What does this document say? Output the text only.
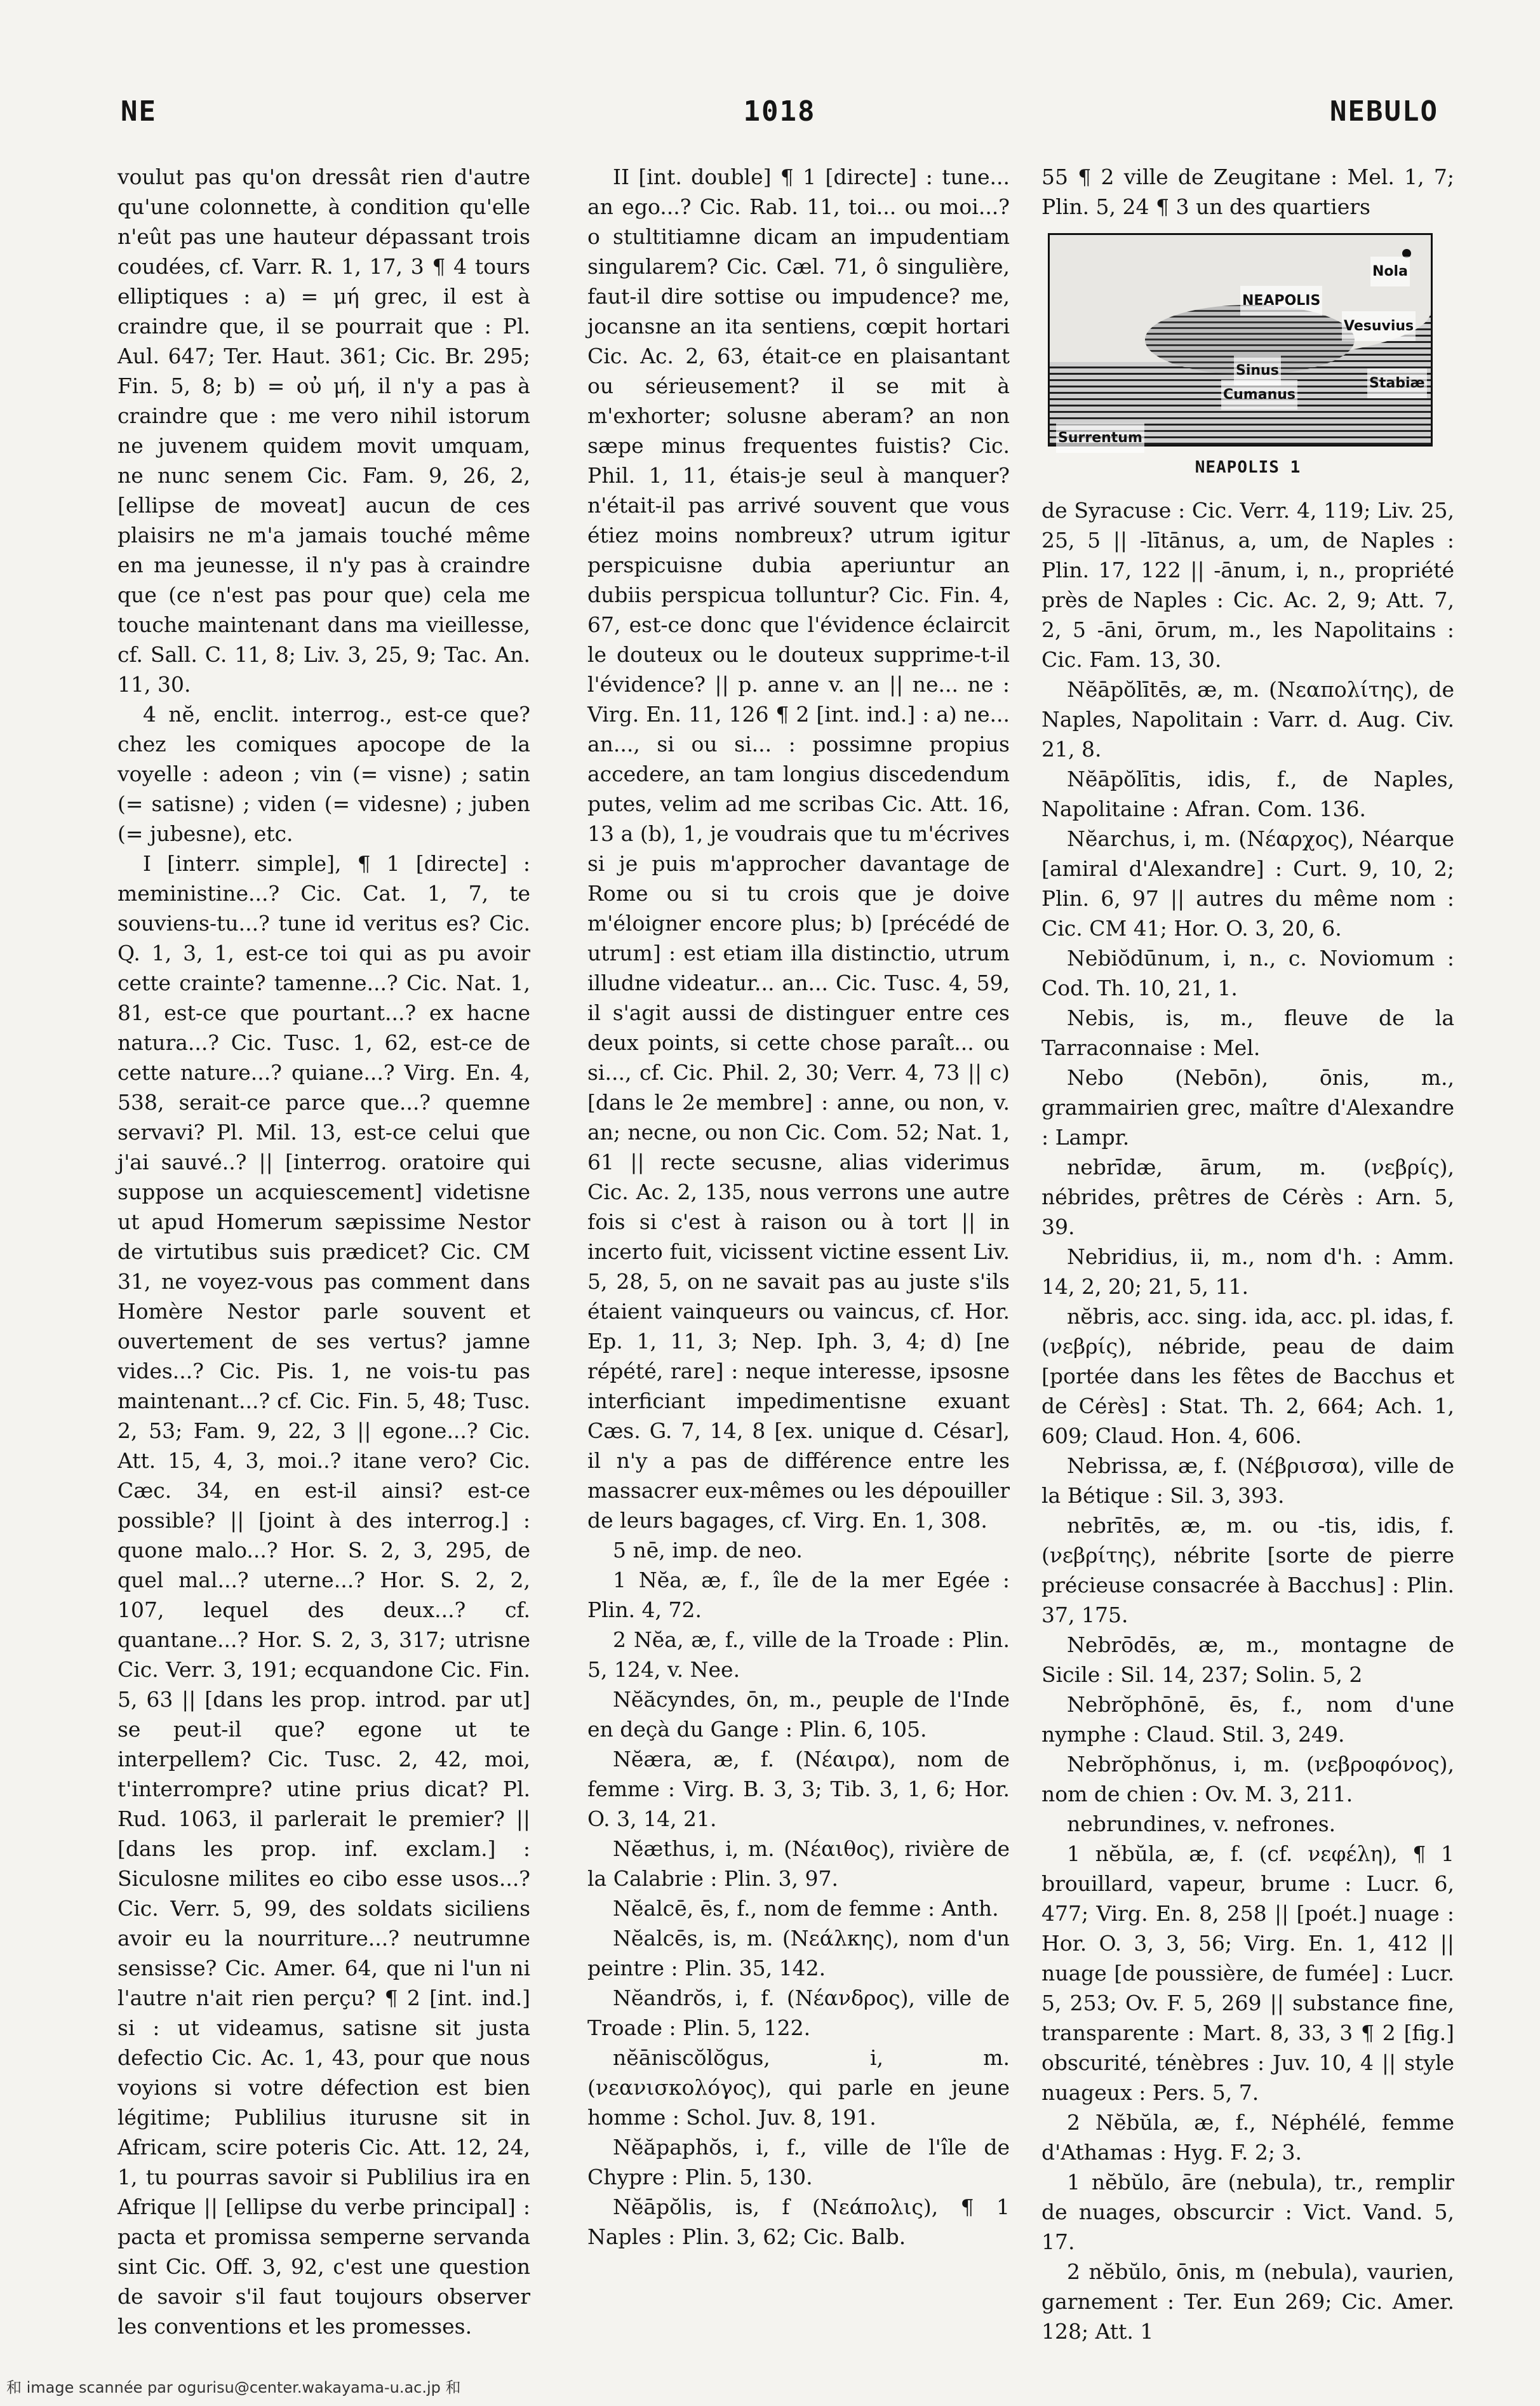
NE	1018	NEBULO

voulut pas qu'on dressât rien d'autre qu'une colonnette, à condition qu'elle n'eût pas une hauteur dépassant trois coudées, cf. Varr. R. 1, 17, 3 ¶ 4 tours elliptiques : a) = μή grec, il est à craindre que, il se pourrait que : Pl. Aul. 647; Ter. Haut. 361; Cic. Br. 295; Fin. 5, 8; b) = οὐ μή, il n'y a pas à craindre que : me vero nihil istorum ne juvenem quidem movit umquam, ne nunc senem Cic. Fam. 9, 26, 2, [ellipse de moveat] aucun de ces plaisirs ne m'a jamais touché même en ma jeunesse, il n'y pas à craindre que (ce n'est pas pour que) cela me touche maintenant dans ma vieillesse, cf. Sall. C. 11, 8; Liv. 3, 25, 9; Tac. An. 11, 30.

4 nĕ, enclit. interrog., est-ce que? chez les comiques apocope de la voyelle : adeon ; vin (= visne) ; satin (= satisne) ; viden (= videsne) ; juben (= jubesne), etc.

I [interr. simple], ¶ 1 [directe] : meministine...? Cic. Cat. 1, 7, te souviens-tu...? tune id veritus es? Cic. Q. 1, 3, 1, est-ce toi qui as pu avoir cette crainte? tamenne...? Cic. Nat. 1, 81, est-ce que pourtant...? ex hacne natura...? Cic. Tusc. 1, 62, est-ce de cette nature...? quiane...? Virg. En. 4, 538, serait-ce parce que...? quemne servavi? Pl. Mil. 13, est-ce celui que j'ai sauvé..? || [interrog. oratoire qui suppose un acquiescement] videtisne ut apud Homerum sæpissime Nestor de virtutibus suis prædicet? Cic. CM 31, ne voyez-vous pas comment dans Homère Nestor parle souvent et ouvertement de ses vertus? jamne vides...? Cic. Pis. 1, ne vois-tu pas maintenant...? cf. Cic. Fin. 5, 48; Tusc. 2, 53; Fam. 9, 22, 3 || egone...? Cic. Att. 15, 4, 3, moi..? itane vero? Cic. Cæc. 34, en est-il ainsi? est-ce possible? || [joint à des interrog.] : quone malo...? Hor. S. 2, 3, 295, de quel mal...? uterne...? Hor. S. 2, 2, 107, lequel des deux...? cf. quantane...? Hor. S. 2, 3, 317; utrisne Cic. Verr. 3, 191; ecquandone Cic. Fin. 5, 63 || [dans les prop. introd. par ut] se peut-il que? egone ut te interpellem? Cic. Tusc. 2, 42, moi, t'interrompre? utine prius dicat? Pl. Rud. 1063, il parlerait le premier? || [dans les prop. inf. exclam.] : Siculosne milites eo cibo esse usos...? Cic. Verr. 5, 99, des soldats siciliens avoir eu la nourriture...? neutrumne sensisse? Cic. Amer. 64, que ni l'un ni l'autre n'ait rien perçu? ¶ 2 [int. ind.] si : ut videamus, satisne sit justa defectio Cic. Ac. 1, 43, pour que nous voyions si votre défection est bien légitime; Publilius iturusne sit in Africam, scire poteris Cic. Att. 12, 24, 1, tu pourras savoir si Publilius ira en Afrique || [ellipse du verbe principal] : pacta et promissa semperne servanda sint Cic. Off. 3, 92, c'est une question de savoir s'il faut toujours observer les conventions et les promesses.

II [int. double] ¶ 1 [directe] : tune... an ego...? Cic. Rab. 11, toi... ou moi...? o stultitiamne dicam an impudentiam singularem? Cic. Cæl. 71, ô singulière, faut-il dire sottise ou impudence? me, jocansne an ita sentiens, cœpit hortari Cic. Ac. 2, 63, était-ce en plaisantant ou sérieusement? il se mit à m'exhorter; solusne aberam? an non sæpe minus frequentes fuistis? Cic. Phil. 1, 11, étais-je seul à manquer? n'était-il pas arrivé souvent que vous étiez moins nombreux? utrum igitur perspicuisne dubia aperiuntur an dubiis perspicua tolluntur? Cic. Fin. 4, 67, est-ce donc que l'évidence éclaircit le douteux ou le douteux supprime-t-il l'évidence? || p. anne v. an || ne... ne : Virg. En. 11, 126 ¶ 2 [int. ind.] : a) ne... an..., si ou si... : possimne propius accedere, an tam longius discedendum putes, velim ad me scribas Cic. Att. 16, 13 a (b), 1, je voudrais que tu m'écrives si je puis m'approcher davantage de Rome ou si tu crois que je doive m'éloigner encore plus; b) [précédé de utrum] : est etiam illa distinctio, utrum illudne videatur... an... Cic. Tusc. 4, 59, il s'agit aussi de distinguer entre ces deux points, si cette chose paraît... ou si..., cf. Cic. Phil. 2, 30; Verr. 4, 73 || c) [dans le 2e membre] : anne, ou non, v. an; necne, ou non Cic. Com. 52; Nat. 1, 61 || recte secusne, alias viderimus Cic. Ac. 2, 135, nous verrons une autre fois si c'est à raison ou à tort || in incerto fuit, vicissent victine essent Liv. 5, 28, 5, on ne savait pas au juste s'ils étaient vainqueurs ou vaincus, cf. Hor. Ep. 1, 11, 3; Nep. Iph. 3, 4; d) [ne répété, rare] : neque interesse, ipsosne interficiant impedimentisne exuant Cæs. G. 7, 14, 8 [ex. unique d. César], il n'y a pas de différence entre les massacrer eux-mêmes ou les dépouiller de leurs bagages, cf. Virg. En. 1, 308.

5 nē, imp. de neo.

1 Nĕa, æ, f., île de la mer Egée : Plin. 4, 72.

2 Nĕa, æ, f., ville de la Troade : Plin. 5, 124, v. Nee.

Nĕăcyndes, ōn, m., peuple de l'Inde en deçà du Gange : Plin. 6, 105.

Nĕæra, æ, f. (Νέαιρα), nom de femme : Virg. B. 3, 3; Tib. 3, 1, 6; Hor. O. 3, 14, 21.

Nĕæthus, i, m. (Νέαιθος), rivière de la Calabrie : Plin. 3, 97.

Nĕalcē, ēs, f., nom de femme : Anth.

Nĕalcēs, is, m. (Νεάλκης), nom d'un peintre : Plin. 35, 142.

Nĕandrŏs, i, f. (Νέανδρος), ville de Troade : Plin. 5, 122.

nĕāniscŏlŏgus, i, m. (νεανισκολόγος), qui parle en jeune homme : Schol. Juv. 8, 191.

Nĕăpaphŏs, i, f., ville de l'île de Chypre : Plin. 5, 130.

Nĕāpŏlis, is, f (Νεάπολις), ¶ 1 Naples : Plin. 3, 62; Cic. Balb.

55 ¶ 2 ville de Zeugitane : Mel. 1, 7; Plin. 5, 24 ¶ 3 un des quartiers

Nola
NEAPOLIS
Vesuvius
Sinus
Cumanus
Stabiæ
Surrentum
NEAPOLIS 1

de Syracuse : Cic. Verr. 4, 119; Liv. 25, 25, 5 || -lītānus, a, um, de Naples : Plin. 17, 122 || -ānum, i, n., propriété près de Naples : Cic. Ac. 2, 9; Att. 7, 2, 5 -āni, ōrum, m., les Napolitains : Cic. Fam. 13, 30.

Nĕāpŏlītēs, æ, m. (Νεαπολίτης), de Naples, Napolitain : Varr. d. Aug. Civ. 21, 8.

Nĕāpŏlītis, idis, f., de Naples, Napolitaine : Afran. Com. 136.

Nĕarchus, i, m. (Νέαρχος), Néarque [amiral d'Alexandre] : Curt. 9, 10, 2; Plin. 6, 97 || autres du même nom : Cic. CM 41; Hor. O. 3, 20, 6.

Nebiŏdūnum, i, n., c. Noviomum : Cod. Th. 10, 21, 1.

Nebis, is, m., fleuve de la Tarraconnaise : Mel.

Nebo (Nebōn), ōnis, m., grammairien grec, maître d'Alexandre : Lampr.

nebrīdæ, ārum, m. (νεβρίς), nébrides, prêtres de Cérès : Arn. 5, 39.

Nebridius, ii, m., nom d'h. : Amm. 14, 2, 20; 21, 5, 11.

nĕbris, acc. sing. ida, acc. pl. idas, f. (νεβρίς), nébride, peau de daim [portée dans les fêtes de Bacchus et de Cérès] : Stat. Th. 2, 664; Ach. 1, 609; Claud. Hon. 4, 606.

Nebrissa, æ, f. (Νέβρισσα), ville de la Bétique : Sil. 3, 393.

nebrītēs, æ, m. ou -tis, idis, f. (νεβρίτης), nébrite [sorte de pierre précieuse consacrée à Bacchus] : Plin. 37, 175.

Nebrōdēs, æ, m., montagne de Sicile : Sil. 14, 237; Solin. 5, 2

Nebrŏphōnē, ēs, f., nom d'une nymphe : Claud. Stil. 3, 249.

Nebrŏphŏnus, i, m. (νεβροφόνος), nom de chien : Ov. M. 3, 211.

nebrundines, v. nefrones.

1 nĕbŭla, æ, f. (cf. νεφέλη), ¶ 1 brouillard, vapeur, brume : Lucr. 6, 477; Virg. En. 8, 258 || [poét.] nuage : Hor. O. 3, 3, 56; Virg. En. 1, 412 || nuage [de poussière, de fumée] : Lucr. 5, 253; Ov. F. 5, 269 || substance fine, transparente : Mart. 8, 33, 3 ¶ 2 [fig.] obscurité, ténèbres : Juv. 10, 4 || style nuageux : Pers. 5, 7.

2 Nĕbŭla, æ, f., Néphélé, femme d'Athamas : Hyg. F. 2; 3.

1 nĕbŭlo, āre (nebula), tr., remplir de nuages, obscurcir : Vict. Vand. 5, 17.

2 nĕbŭlo, ōnis, m (nebula), vaurien, garnement : Ter. Eun 269; Cic. Amer. 128; Att. 1

和 image scannée par ogurisu@center.wakayama-u.ac.jp 和
